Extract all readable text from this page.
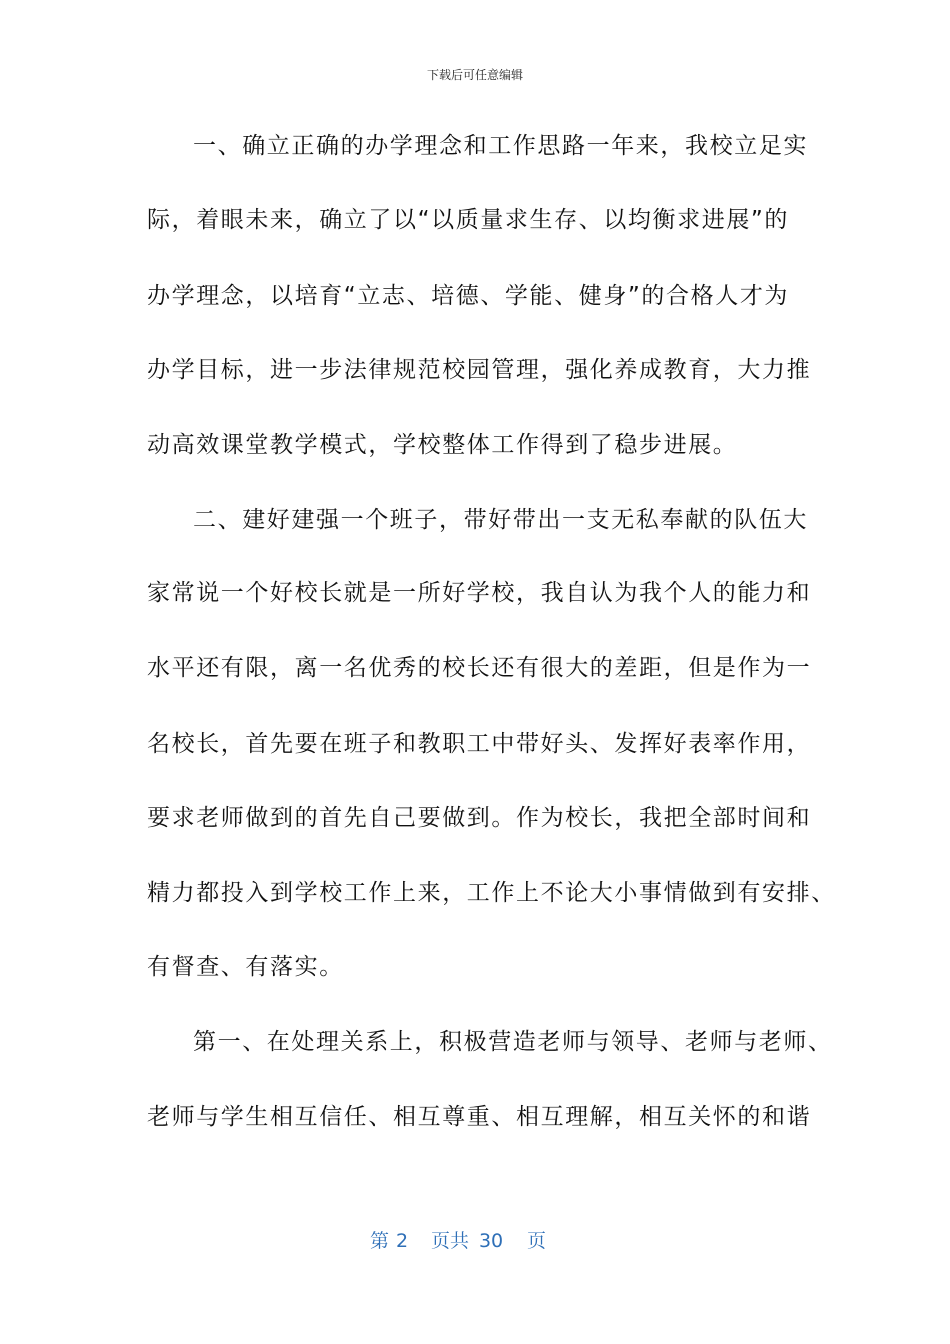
下载后可任意编辑
一、确立正确的办学理念和工作思路一年来，我校立足实
际，着眼未来，确立了以“以质量求生存、以均衡求进展”的
办学理念，以培育“立志、培德、学能、健身”的合格人才为
办学目标，进一步法律规范校园管理，强化养成教育，大力推
动高效课堂教学模式，学校整体工作得到了稳步进展。
二、建好建强一个班子，带好带出一支无私奉献的队伍大
家常说一个好校长就是一所好学校，我自认为我个人的能力和
水平还有限，离一名优秀的校长还有很大的差距，但是作为一
名校长，首先要在班子和教职工中带好头、发挥好表率作用，
要求老师做到的首先自己要做到。作为校长，我把全部时间和
精力都投入到学校工作上来，工作上不论大小事情做到有安排、
有督查、有落实。
第一、在处理关系上，积极营造老师与领导、老师与老师、
老师与学生相互信任、相互尊重、相互理解，相互关怀的和谐
第 2 页共 30 页
